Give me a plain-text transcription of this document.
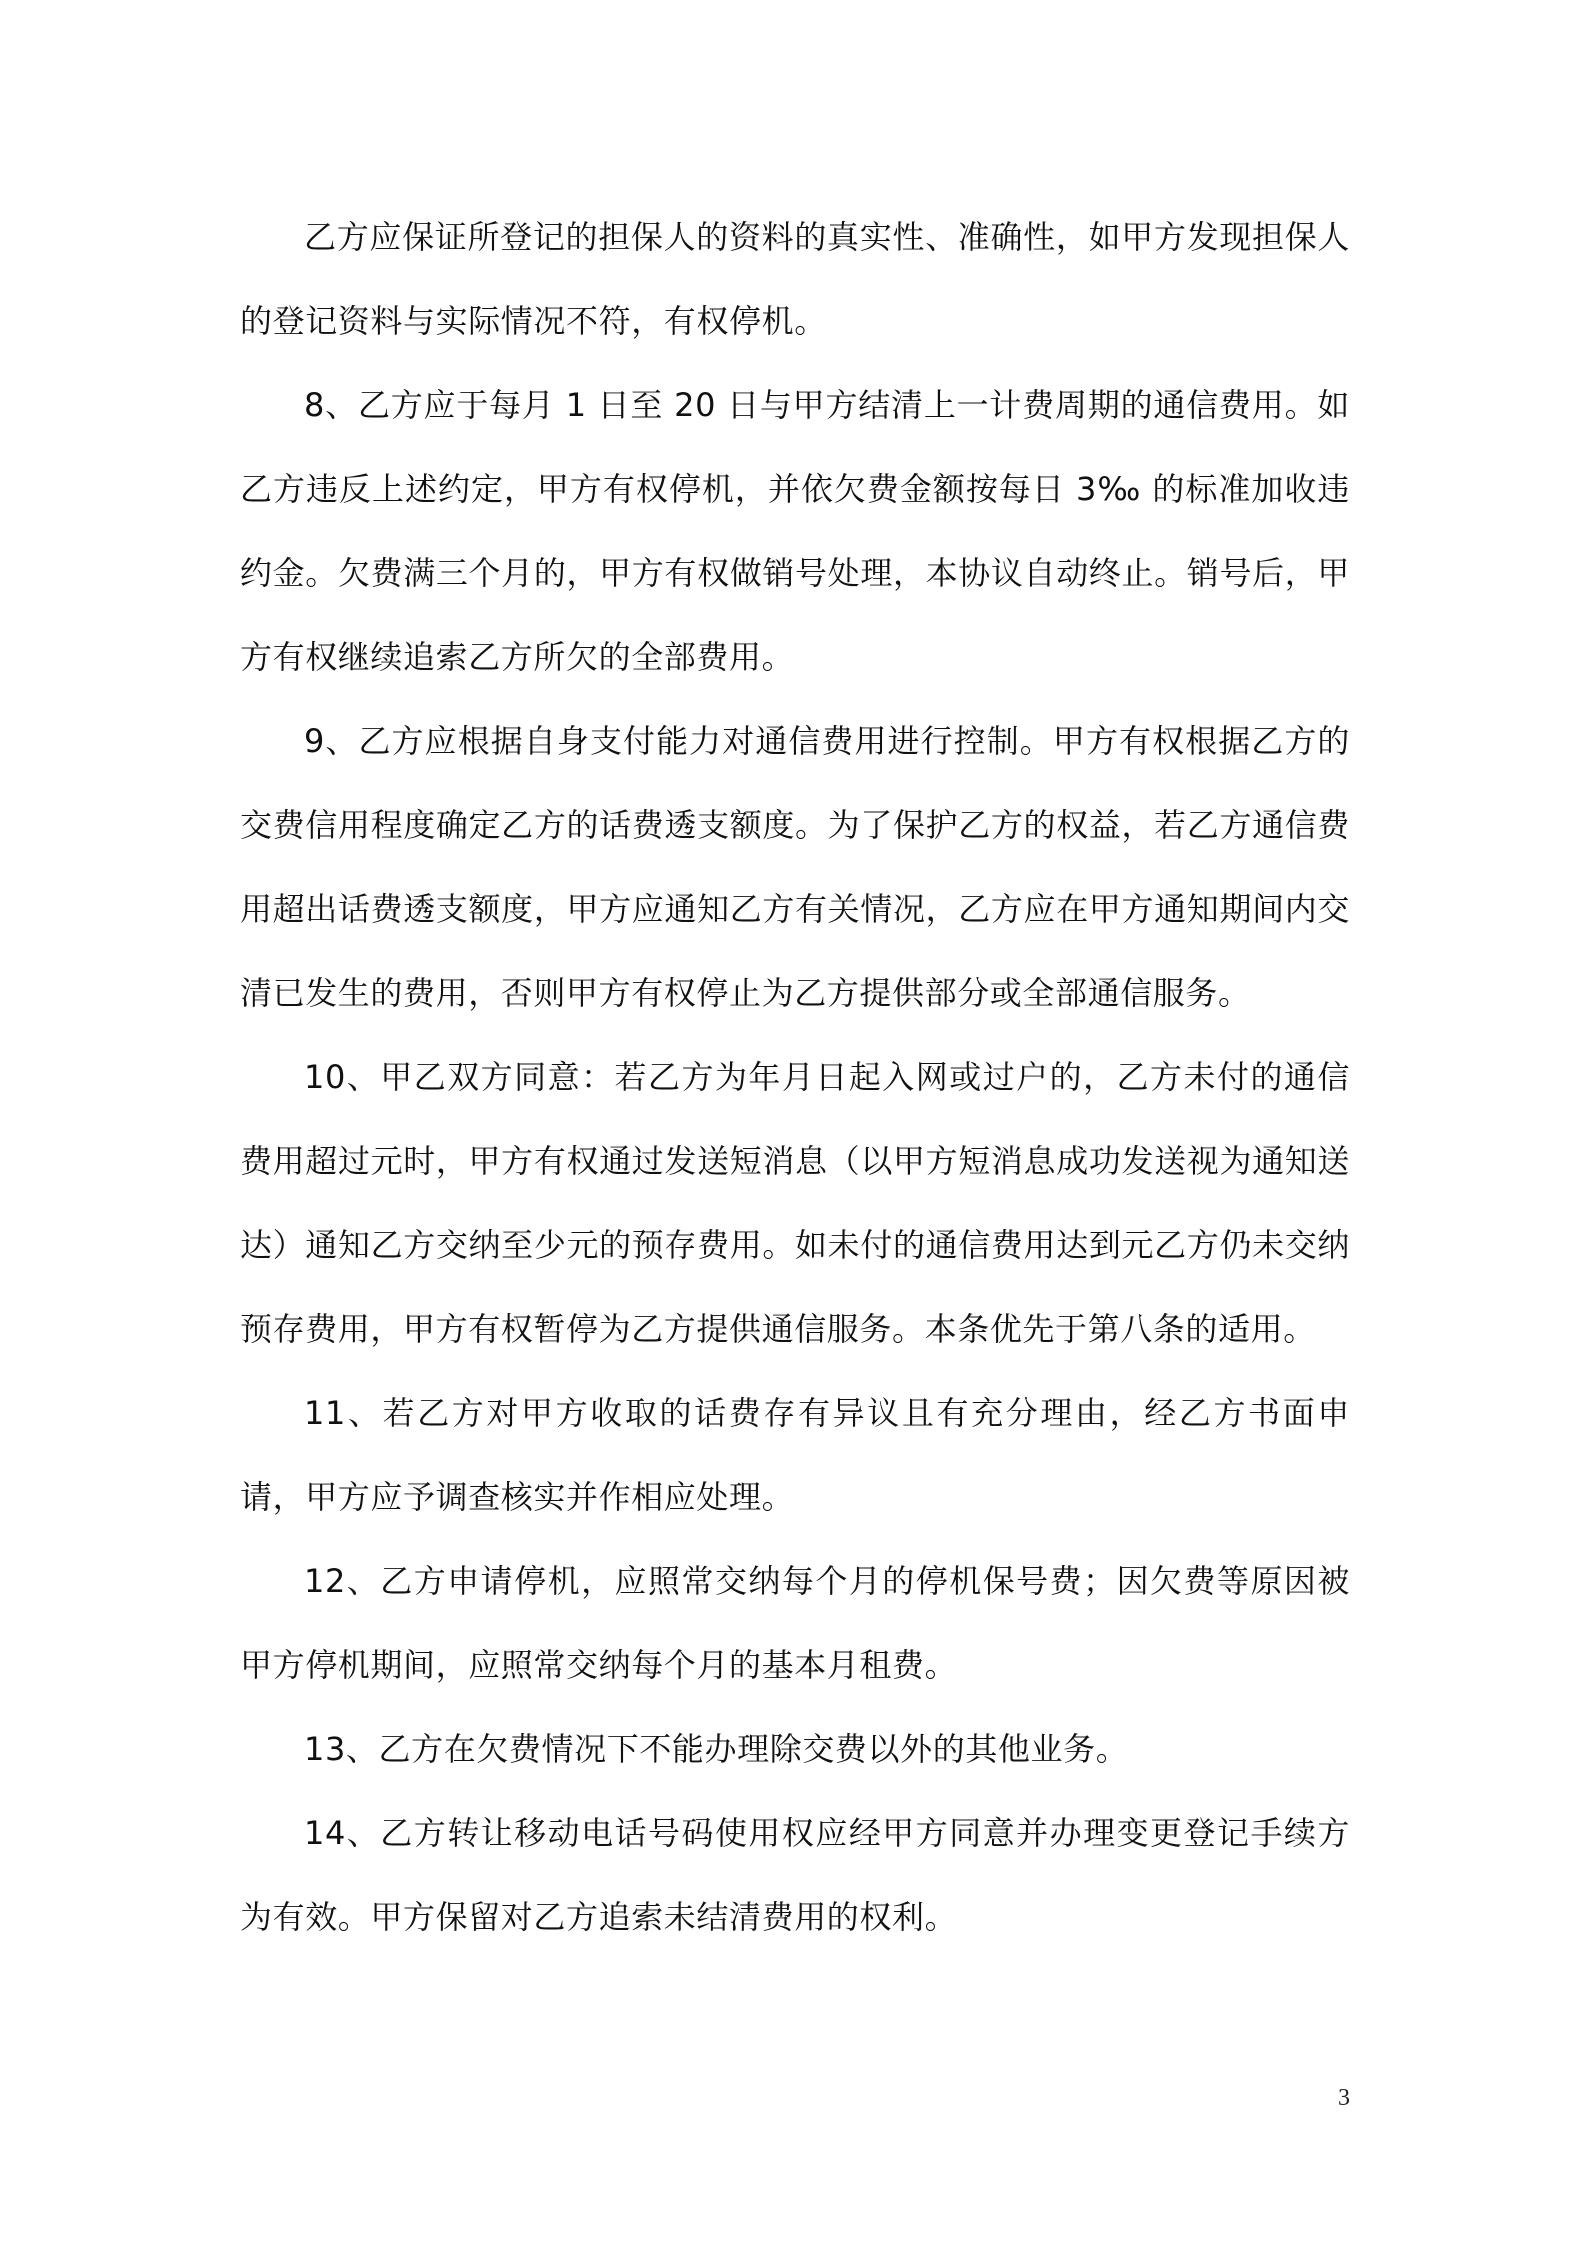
乙方应保证所登记的担保人的资料的真实性、准确性，如甲方发现担保人的登记资料与实际情况不符，有权停机。

8、乙方应于每月 1 日至 20 日与甲方结清上一计费周期的通信费用。如乙方违反上述约定，甲方有权停机，并依欠费金额按每日 3‰ 的标准加收违约金。欠费满三个月的，甲方有权做销号处理，本协议自动终止。销号后，甲方有权继续追索乙方所欠的全部费用。

9、乙方应根据自身支付能力对通信费用进行控制。甲方有权根据乙方的交费信用程度确定乙方的话费透支额度。为了保护乙方的权益，若乙方通信费用超出话费透支额度，甲方应通知乙方有关情况，乙方应在甲方通知期间内交清已发生的费用，否则甲方有权停止为乙方提供部分或全部通信服务。

10、甲乙双方同意：若乙方为年月日起入网或过户的，乙方未付的通信费用超过元时，甲方有权通过发送短消息（以甲方短消息成功发送视为通知送达）通知乙方交纳至少元的预存费用。如未付的通信费用达到元乙方仍未交纳预存费用，甲方有权暂停为乙方提供通信服务。本条优先于第八条的适用。

11、若乙方对甲方收取的话费存有异议且有充分理由，经乙方书面申请，甲方应予调查核实并作相应处理。

12、乙方申请停机，应照常交纳每个月的停机保号费；因欠费等原因被甲方停机期间，应照常交纳每个月的基本月租费。

13、乙方在欠费情况下不能办理除交费以外的其他业务。

14、乙方转让移动电话号码使用权应经甲方同意并办理变更登记手续方为有效。甲方保留对乙方追索未结清费用的权利。

3
